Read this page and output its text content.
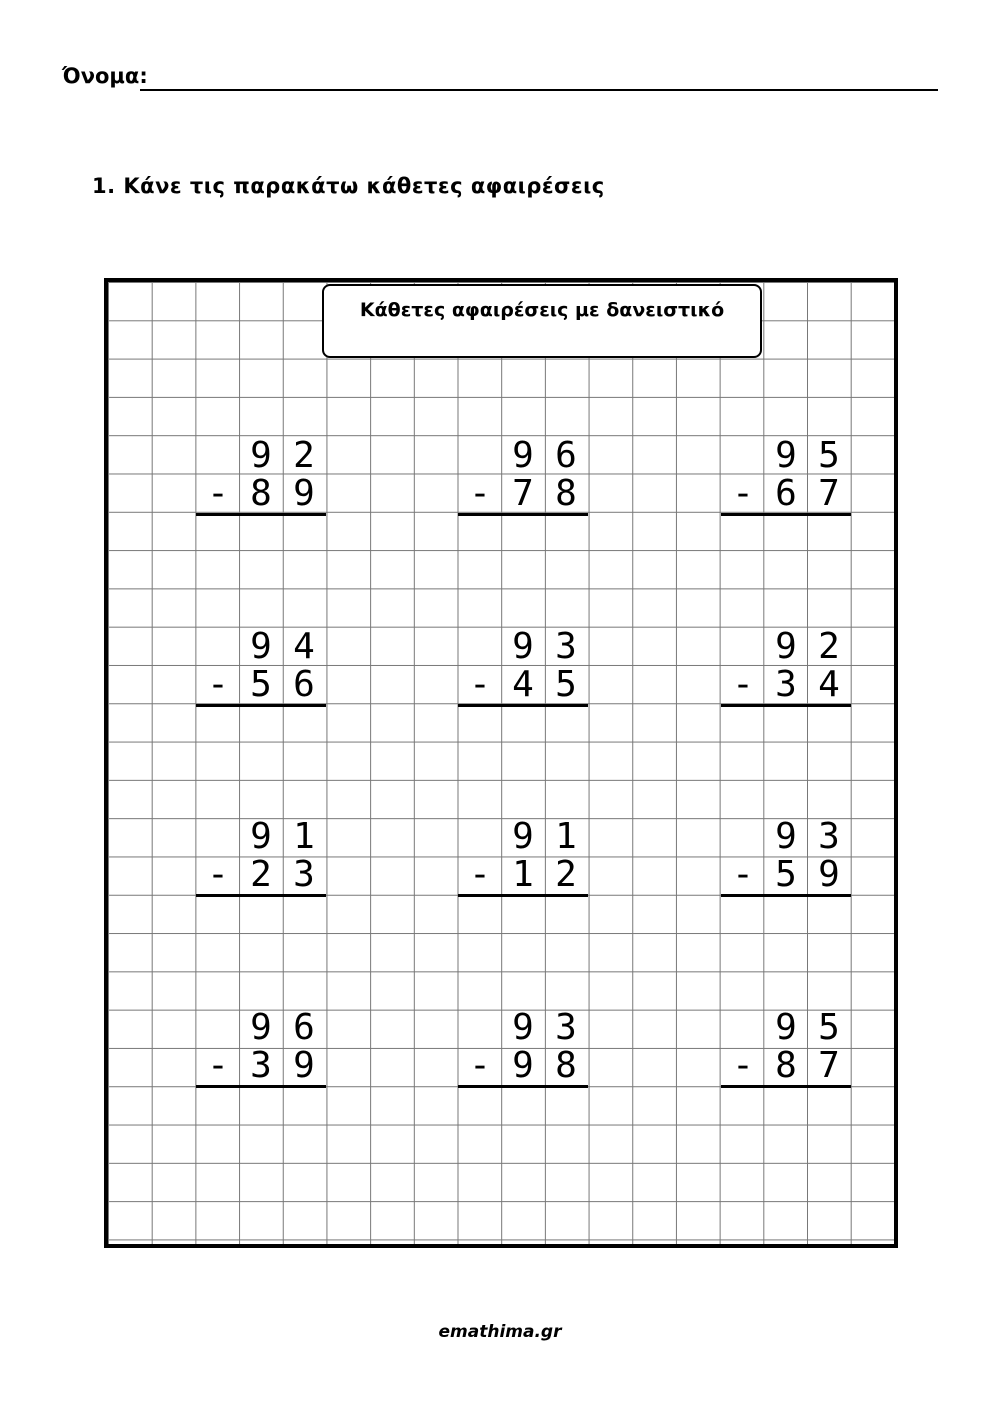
Όνομα:
1. Κάνε τις παρακάτω κάθετες αφαιρέσεις
Κάθετες αφαιρέσεις με δανειστικό
9 2
- 8 9
9 6
- 7 8
9 5
- 6 7
9 4
- 5 6
9 3
- 4 5
9 2
- 3 4
9 1
- 2 3
9 1
- 1 2
9 3
- 5 9
9 6
- 3 9
9 3
- 9 8
9 5
- 8 7
emathima.gr
